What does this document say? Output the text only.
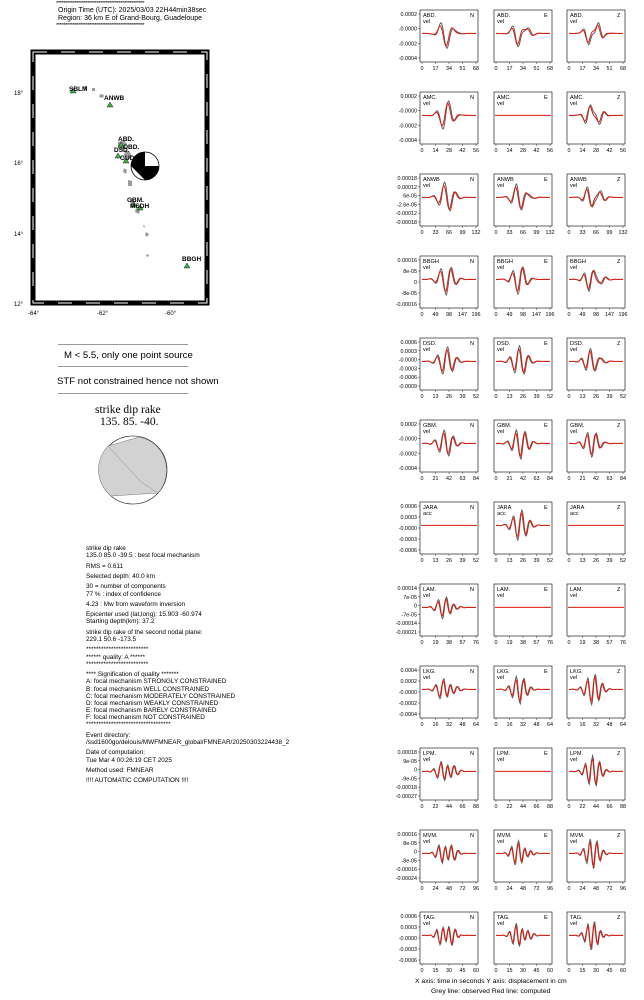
************************************************
Origin Time (UTC): 2025/03/03 22H44min38sec
Region: 36 km E of Grand-Bourg, Guadeloupe
************************************************
SBLM
ANWB
ABD.
DSD.
GBM.
BBGH
OBD.
GUD.
MSDH
18°
16°
14°
12°
-64°	-62°	-60°
M < 5.5, only one point source
STF not constrained hence not shown
strike dip rake
135. 85. -40.
strike dip rake
135.0 85.0 -39.5 : best focal mechanism
RMS = 0.611
Selected depth: 40.0 km
30 = number of components
77 % : index of confidence
4.23 : Mw from waveform inversion
Epicenter used (lat,long): 15.903 -60.974
Starting depth(km): 37.2
strike dip rake of the second nodal plane:
229.1 50.6 -173.5
*************************
****** quality: A ******
*************************
**** Signification of quality *******
A: focal mechanism STRONGLY CONSTRAINED
B: focal mechanism WELL CONSTRAINED
C: focal mechanism MODERATELY CONSTRAINED
D: focal mechanism WEAKLY CONSTRAINED
E: focal mechanism BARELY CONSTRAINED
F: focal mechanism NOT CONSTRAINED
**********************************
Event directory:
/ssd1600go/delouis/MWFMNEAR_global/FMNEAR/20250303224438_2
Date of computation:
Tue Mar 4 00:26:19 CET 2025
Method used: FMNEAR
!!!! AUTOMATIC COMPUTATION !!!!
0.0002
-0.0000
-0.0002
-0.0004
ABD.
vel
N
0 17 34 51 68
ABD.
vel
E
0 17 34 51 68
ABD.
vel
Z
0 17 34 51 68
0.0002
-0.0000
-0.0002
-0.0004
AMC.
vel
N
0 14 28 42 56
AMC.
vel
E
0 14 28 42 56
AMC.
vel
Z
0 14 28 42 56
0.00018
0.00012
6e-05
-2.6e-05
-0.00012
-0.00018
ANWB
vel
N
0 33 66 99 132
ANWB
vel
E
0 33 66 99 132
ANWB
vel
Z
0 33 66 99 132
0.00016
8e-05
0
-8e-05
-0.00016
BBGH
vel
N
0 49 98 147 196
BBGH
vel
E
0 49 98 147 196
BBGH
vel
Z
0 49 98 147 196
0.0006
0.0003
-0.0000
-0.0003
-0.0006
-0.0009
DSD.
vel
N
0 13 26 39 52
DSD.
vel
E
0 13 26 39 52
DSD.
vel
Z
0 13 26 39 52
0.0002
-0.0000
-0.0002
-0.0004
GBM.
vel
N
0 21 42 63 84
GBM.
vel
E
0 21 42 63 84
GBM.
vel
Z
0 21 42 63 84
0.0006
0.0003
-0.0000
-0.0003
-0.0006
JARA
acc
N
0 13 26 39 52
JARA
acc
E
0 13 26 39 52
JARA
acc
Z
0 13 26 39 52
0.00014
7e-05
0
-7e-05
-0.00014
-0.00021
LAM.
vel
N
0 19 38 57 76
LAM.
vel
E
0 19 38 57 76
LAM.
vel
Z
0 19 38 57 76
0.0004
0.0002
-0.0000
-0.0002
-0.0004
LKG.
vel
N
0 16 32 48 64
LKG.
vel
E
0 16 32 48 64
LKG.
vel
Z
0 16 32 48 64
0.00018
9e-05
0
-9e-05
-0.00018
-0.00027
LPM.
vel
N
0 22 44 66 88
LPM.
vel
E
0 22 44 66 88
LPM.
vel
Z
0 22 44 66 88
0.00016
8e-05
0
-8e-05
-0.00016
-0.00024
MVM.
vel
N
0 24 48 72 96
MVM.
vel
E
0 24 48 72 96
MVM.
vel
Z
0 24 48 72 96
0.0006
0.0003
-0.0000
-0.0003
-0.0006
TAG.
vel
N
0 15 30 45 60
TAG.
vel
E
0 15 30 45 60
TAG.
vel
Z
0 15 30 45 60
X axis: time in seconds Y axis: displacement in cm
Grey line: observed Red line: computed
